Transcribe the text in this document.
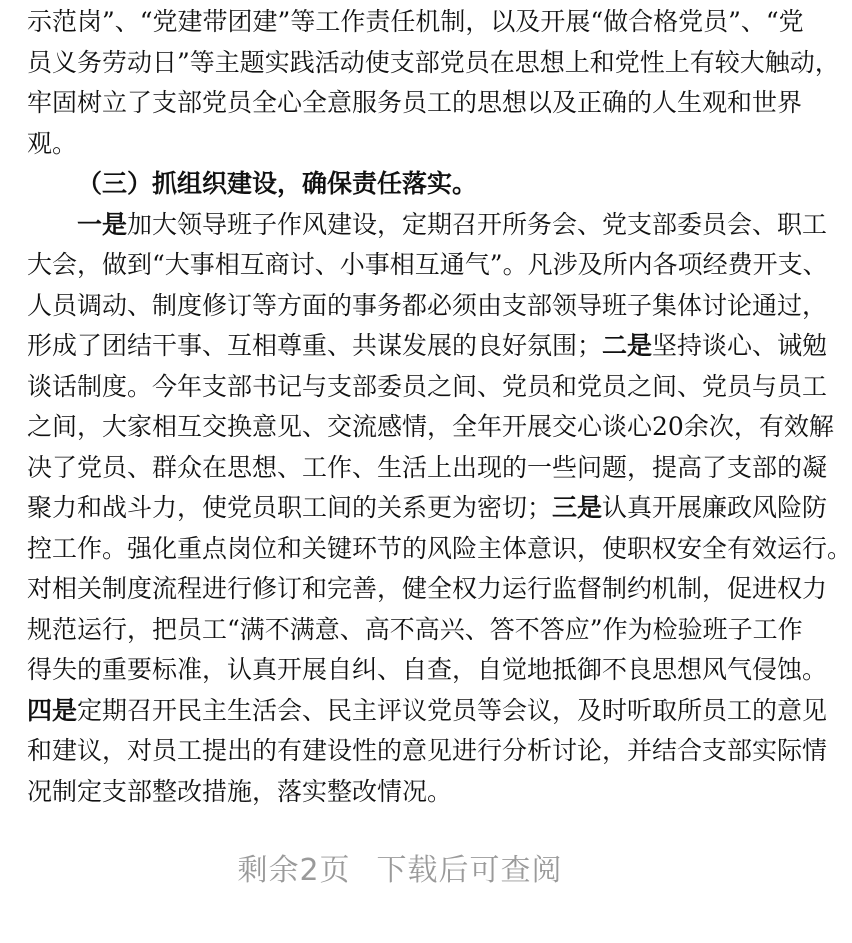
示范岗”、“党建带团建”等工作责任机制，以及开展“做合格党员”、“党
员义务劳动日”等主题实践活动使支部党员在思想上和党性上有较大触动，
牢固树立了支部党员全心全意服务员工的思想以及正确的人生观和世界
观。
（三）抓组织建设，确保责任落实。
一是加大领导班子作风建设，定期召开所务会、党支部委员会、职工
大会，做到“大事相互商讨、小事相互通气”。凡涉及所内各项经费开支、
人员调动、制度修订等方面的事务都必须由支部领导班子集体讨论通过，
形成了团结干事、互相尊重、共谋发展的良好氛围；二是坚持谈心、诫勉
谈话制度。今年支部书记与支部委员之间、党员和党员之间、党员与员工
之间，大家相互交换意见、交流感情，全年开展交心谈心20余次，有效解
决了党员、群众在思想、工作、生活上出现的一些问题，提高了支部的凝
聚力和战斗力，使党员职工间的关系更为密切；三是认真开展廉政风险防
控工作。强化重点岗位和关键环节的风险主体意识，使职权安全有效运行。
对相关制度流程进行修订和完善，健全权力运行监督制约机制，促进权力
规范运行，把员工“满不满意、高不高兴、答不答应”作为检验班子工作
得失的重要标准，认真开展自纠、自查，自觉地抵御不良思想风气侵蚀。
四是定期召开民主生活会、民主评议党员等会议，及时听取所员工的意见
和建议，对员工提出的有建设性的意见进行分析讨论，并结合支部实际情
况制定支部整改措施，落实整改情况。
剩余2页 下载后可查阅
